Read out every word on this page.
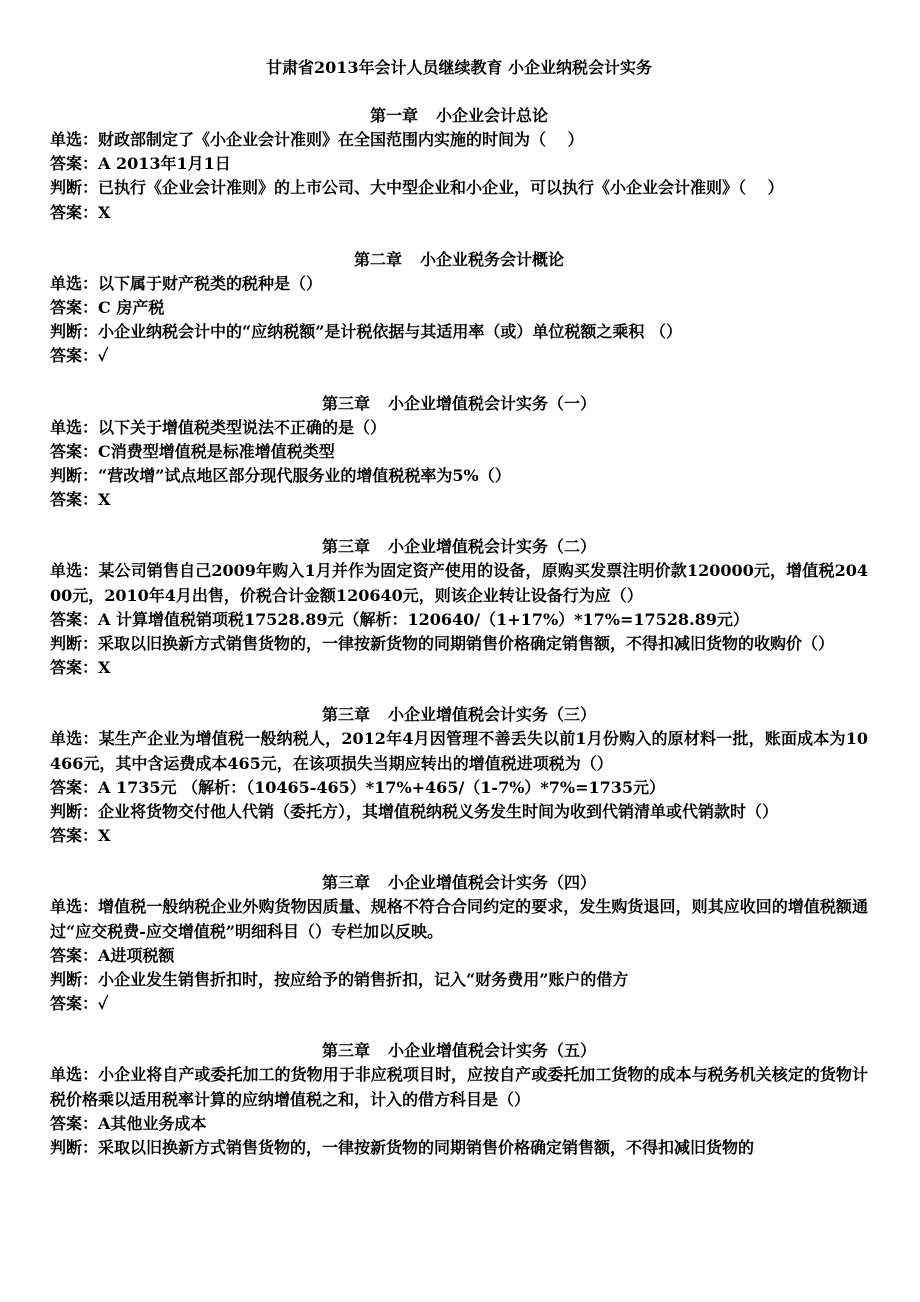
甘肃省2013年会计人员继续教育 小企业纳税会计实务
第一章 小企业会计总论
单选：财政部制定了《小企业会计准则》在全国范围内实施的时间为（　 ）
答案：A 2013年1月1日
判断：已执行《企业会计准则》的上市公司、大中型企业和小企业，可以执行《小企业会计准则》（　 ）
答案：X
第二章 小企业税务会计概论
单选：以下属于财产税类的税种是（）
答案：C 房产税
判断：小企业纳税会计中的“应纳税额”是计税依据与其适用率（或）单位税额之乘积 （）
答案：✓
第三章 小企业增值税会计实务（一）
单选：以下关于增值税类型说法不正确的是（）
答案：C消费型增值税是标准增值税类型
判断：“营改增”试点地区部分现代服务业的增值税税率为5%（）
答案：X
第三章 小企业增值税会计实务（二）
单选：某公司销售自己2009年购入1月并作为固定资产使用的设备，原购买发票注明价款120000元，增值税20400元，2010年4月出售，价税合计金额120640元，则该企业转让设备行为应（）
答案：A 计算增值税销项税17528.89元（解析：120640/（1+17%）*17%=17528.89元）
判断：采取以旧换新方式销售货物的，一律按新货物的同期销售价格确定销售额，不得扣减旧货物的收购价（）
答案：X
第三章 小企业增值税会计实务（三）
单选：某生产企业为增值税一般纳税人，2012年4月因管理不善丢失以前1月份购入的原材料一批，账面成本为10466元，其中含运费成本465元，在该项损失当期应转出的增值税进项税为（）
答案：A 1735元 （解析：（10465-465）*17%+465/（1-7%）*7%=1735元）
判断：企业将货物交付他人代销（委托方），其增值税纳税义务发生时间为收到代销清单或代销款时（）
答案：X
第三章 小企业增值税会计实务（四）
单选：增值税一般纳税企业外购货物因质量、规格不符合合同约定的要求，发生购货退回，则其应收回的增值税额通过“应交税费-应交增值税”明细科目（）专栏加以反映。
答案：A进项税额
判断：小企业发生销售折扣时，按应给予的销售折扣，记入“财务费用”账户的借方
答案：✓
第三章 小企业增值税会计实务（五）
单选：小企业将自产或委托加工的货物用于非应税项目时，应按自产或委托加工货物的成本与税务机关核定的货物计税价格乘以适用税率计算的应纳增值税之和，计入的借方科目是（）
答案：A其他业务成本
判断：采取以旧换新方式销售货物的，一律按新货物的同期销售价格确定销售额，不得扣减旧货物的
